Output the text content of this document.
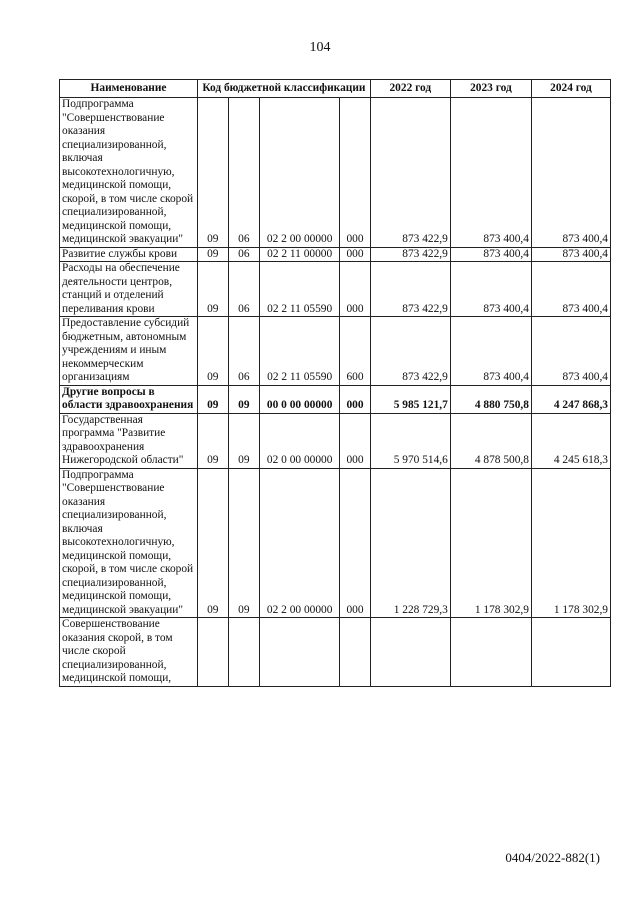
104
Наименование	Код бюджетной классификации				2022 год	2023 год	2024 год
Подпрограмма "Совершенствование оказания специализированной, включая высокотехнологичную, медицинской помощи, скорой, в том числе скорой специализированной, медицинской помощи, медицинской эвакуации"	09	06	02 2 00 00000	000	873 422,9	873 400,4	873 400,4
Развитие службы крови	09	06	02 2 11 00000	000	873 422,9	873 400,4	873 400,4
Расходы на обеспечение деятельности центров, станций и отделений переливания крови	09	06	02 2 11 05590	000	873 422,9	873 400,4	873 400,4
Предоставление субсидий бюджетным, автономным учреждениям и иным некоммерческим организациям	09	06	02 2 11 05590	600	873 422,9	873 400,4	873 400,4
Другие вопросы в области здравоохранения	09	09	00 0 00 00000	000	5 985 121,7	4 880 750,8	4 247 868,3
Государственная программа "Развитие здравоохранения Нижегородской области"	09	09	02 0 00 00000	000	5 970 514,6	4 878 500,8	4 245 618,3
Подпрограмма "Совершенствование оказания специализированной, включая высокотехнологичную, медицинской помощи, скорой, в том числе скорой специализированной, медицинской помощи, медицинской эвакуации"	09	09	02 2 00 00000	000	1 228 729,3	1 178 302,9	1 178 302,9
Совершенствование оказания скорой, в том числе скорой специализированной, медицинской помощи,							
0404/2022-882(1)
